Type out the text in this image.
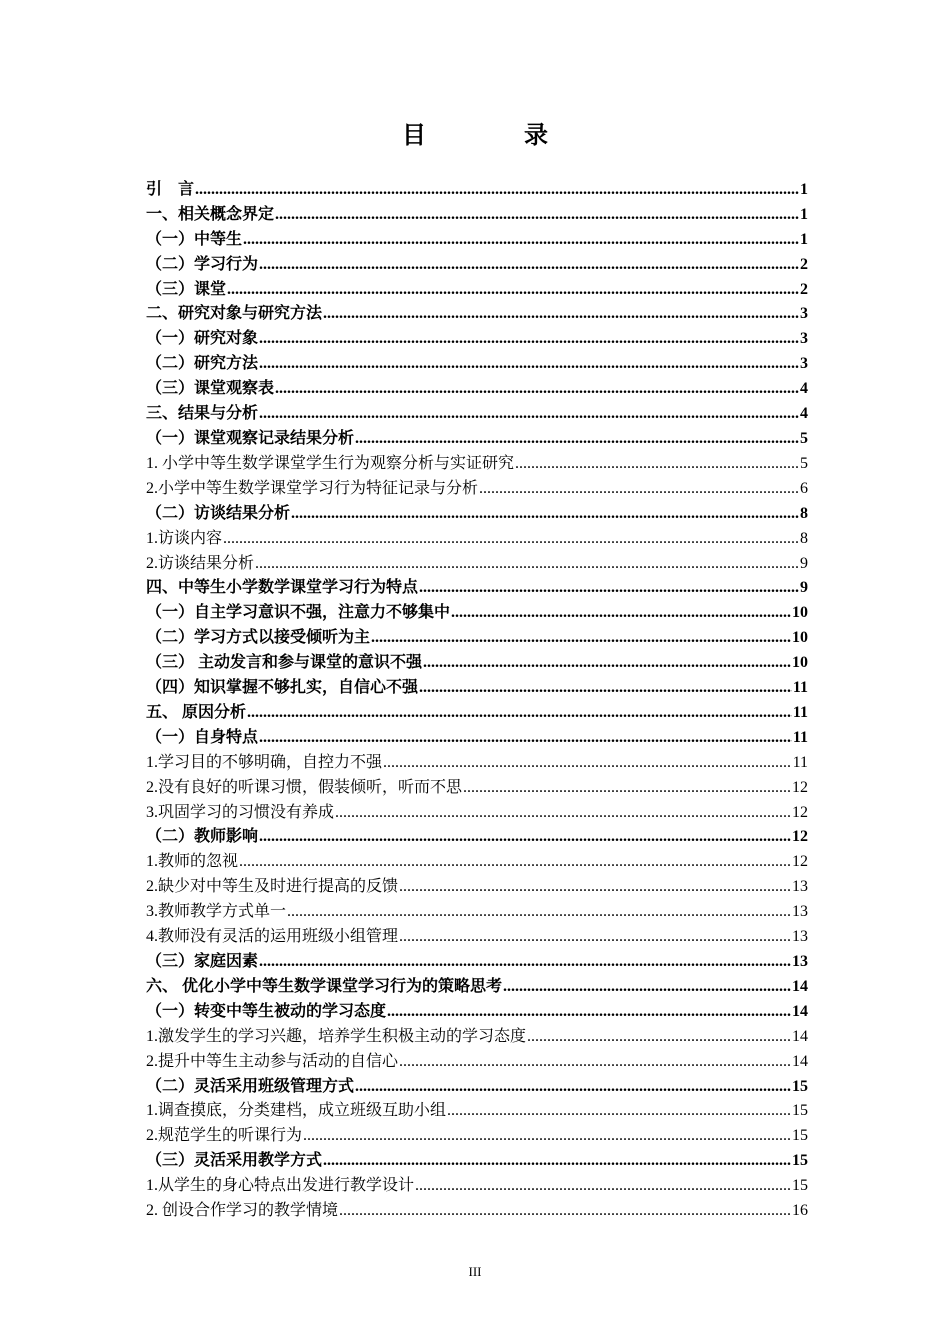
目 录
引　言 .....	1
一、相关概念界定 .....	1
（一）中等生 .....	1
（二）学习行为 .....	2
（三）课堂 .....	2
二、研究对象与研究方法 .....	3
（一）研究对象 .....	3
（二）研究方法 .....	3
（三）课堂观察表 .....	4
三、结果与分析 .....	4
（一）课堂观察记录结果分析 .....	5
1. 小学中等生数学课堂学生行为观察分析与实证研究 .....	5
2.小学中等生数学课堂学习行为特征记录与分析 .....	6
（二）访谈结果分析 .....	8
1.访谈内容 .....	8
2.访谈结果分析 .....	9
四、中等生小学数学课堂学习行为特点 .....	9
（一）自主学习意识不强，注意力不够集中 .....	10
（二）学习方式以接受倾听为主 .....	10
（三） 主动发言和参与课堂的意识不强 .....	10
（四）知识掌握不够扎实，自信心不强 .....	11
五、 原因分析 .....	11
（一）自身特点 .....	11
1.学习目的不够明确，自控力不强 .....	11
2.没有良好的听课习惯，假装倾听，听而不思 .....	12
3.巩固学习的习惯没有养成 .....	12
（二）教师影响 .....	12
1.教师的忽视 .....	12
2.缺少对中等生及时进行提高的反馈 .....	13
3.教师教学方式单一 .....	13
4.教师没有灵活的运用班级小组管理 .....	13
（三）家庭因素 .....	13
六、 优化小学中等生数学课堂学习行为的策略思考 .....	14
（一）转变中等生被动的学习态度 .....	14
1.激发学生的学习兴趣，培养学生积极主动的学习态度 .....	14
2.提升中等生主动参与活动的自信心 .....	14
（二）灵活采用班级管理方式 .....	15
1.调查摸底，分类建档，成立班级互助小组 .....	15
2.规范学生的听课行为 .....	15
（三）灵活采用教学方式 .....	15
1.从学生的身心特点出发进行教学设计 .....	15
2. 创设合作学习的教学情境 .....	16
III
